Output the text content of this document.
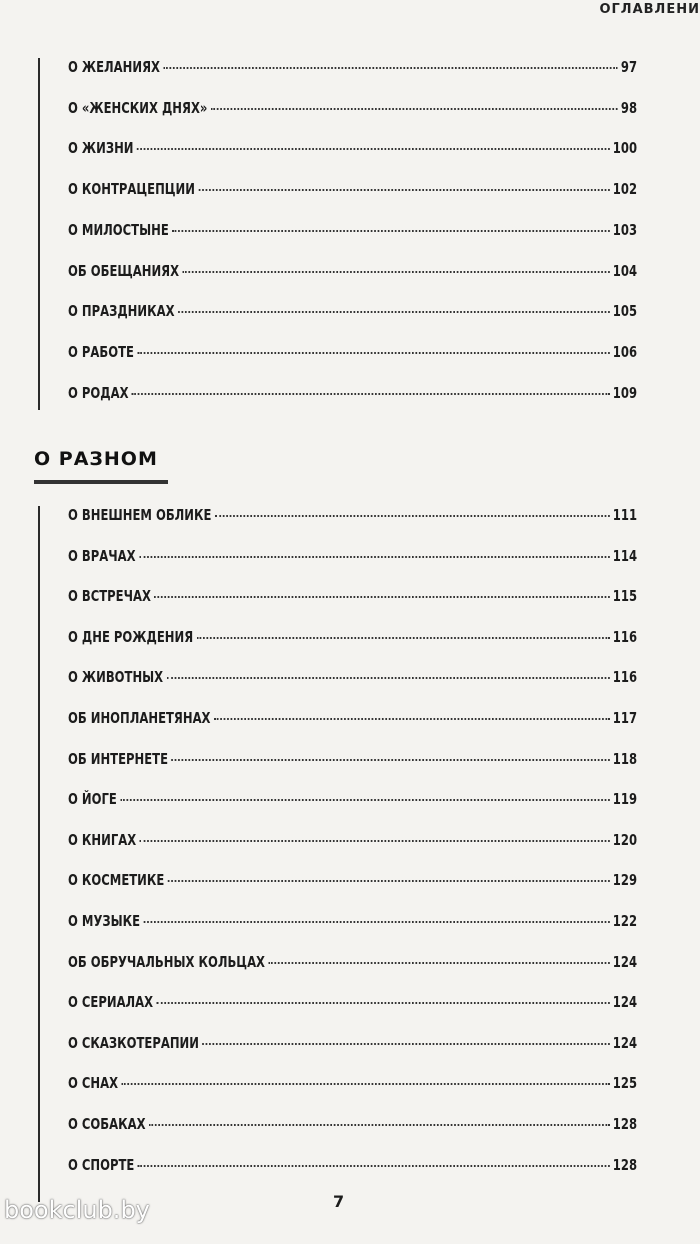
ОГЛАВЛЕНИ
О ЖЕЛАНИЯХ	97
О «ЖЕНСКИХ ДНЯХ»	98
О ЖИЗНИ	100
О КОНТРАЦЕПЦИИ	102
О МИЛОСТЫНЕ	103
ОБ ОБЕЩАНИЯХ	104
О ПРАЗДНИКАХ	105
О РАБОТЕ	106
О РОДАХ	109
О РАЗНОМ
О ВНЕШНЕМ ОБЛИКЕ	111
О ВРАЧАХ	114
О ВСТРЕЧАХ	115
О ДНЕ РОЖДЕНИЯ	116
О ЖИВОТНЫХ	116
ОБ ИНОПЛАНЕТЯНАХ	117
ОБ ИНТЕРНЕТЕ	118
О ЙОГЕ	119
О КНИГАХ	120
О КОСМЕТИКЕ	129
О МУЗЫКЕ	122
ОБ ОБРУЧАЛЬНЫХ КОЛЬЦАХ	124
О СЕРИАЛАХ	124
О СКАЗКОТЕРАПИИ	124
О СНАХ	125
О СОБАКАХ	128
О СПОРТЕ	128
7
bookclub.by
